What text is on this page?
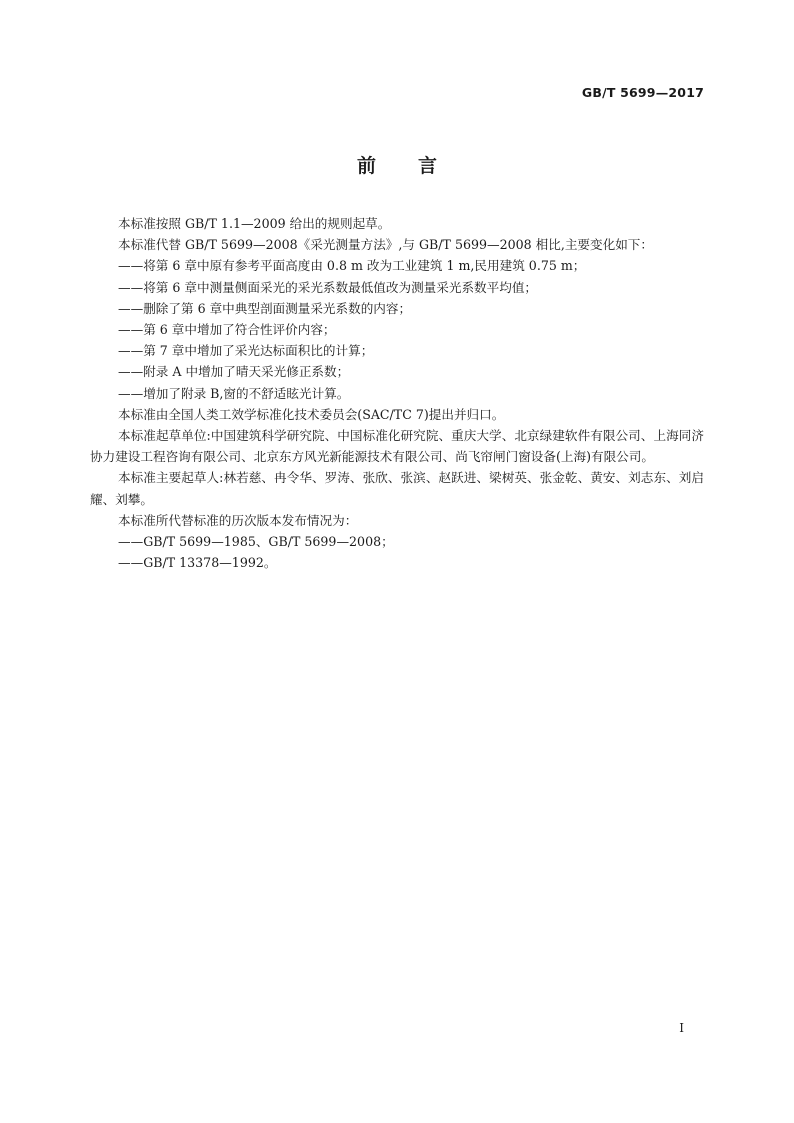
GB/T 5699—2017
前 言

本标准按照 GB/T 1.1—2009 给出的规则起草。

本标准代替 GB/T 5699—2008《采光测量方法》,与 GB/T 5699—2008 相比,主要变化如下：

——将第 6 章中原有参考平面高度由 0.8 m 改为工业建筑 1 m,民用建筑 0.75 m；

——将第 6 章中测量侧面采光的采光系数最低值改为测量采光系数平均值；

——删除了第 6 章中典型剖面测量采光系数的内容；

——第 6 章中增加了符合性评价内容；

——第 7 章中增加了采光达标面积比的计算；

——附录 A 中增加了晴天采光修正系数；

——增加了附录 B,窗的不舒适眩光计算。

本标准由全国人类工效学标准化技术委员会(SAC/TC 7)提出并归口。

本标准起草单位:中国建筑科学研究院、中国标准化研究院、重庆大学、北京绿建软件有限公司、上海同济协力建设工程咨询有限公司、北京东方风光新能源技术有限公司、尚飞帘闸门窗设备(上海)有限公司。

本标准主要起草人:林若慈、冉令华、罗涛、张欣、张滨、赵跃进、梁树英、张金乾、黄安、刘志东、刘启耀、刘攀。

本标准所代替标准的历次版本发布情况为：

——GB/T 5699—1985、GB/T 5699—2008；

——GB/T 13378—1992。

I
